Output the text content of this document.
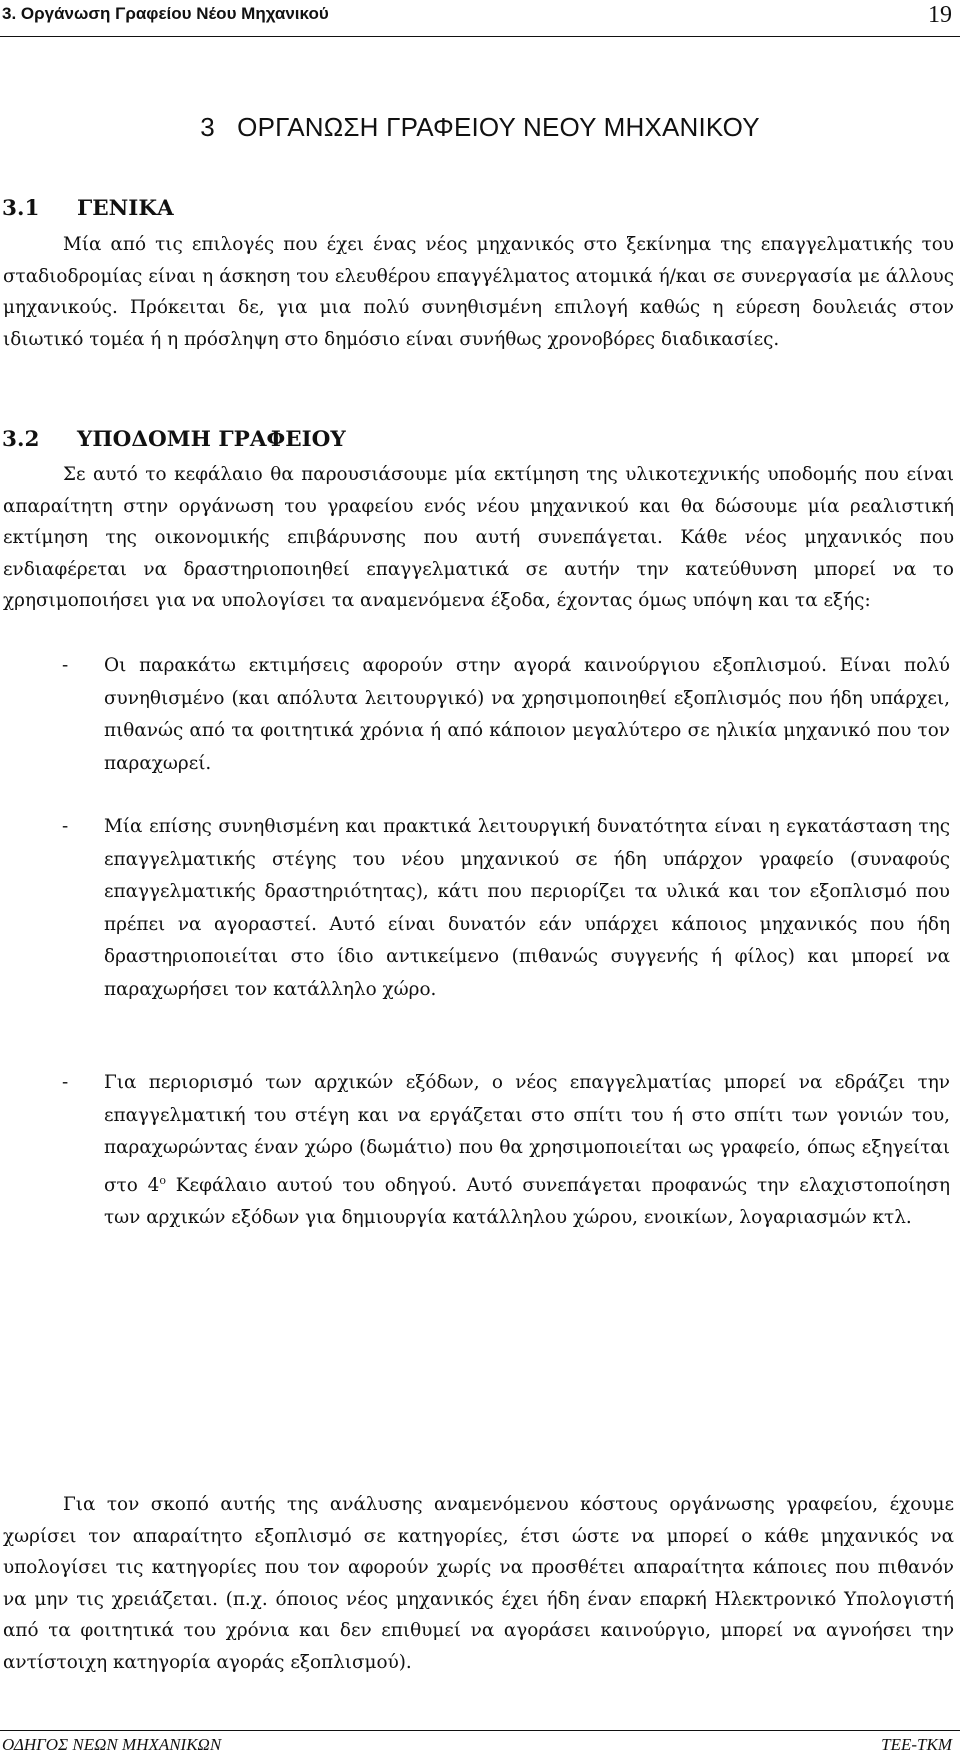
3. Οργάνωση Γραφείου Νέου Μηχανικού	19
3   ΟΡΓΑΝΩΣΗ ΓΡΑΦΕΙΟΥ ΝΕΟΥ ΜΗΧΑΝΙΚΟΥ
3.1 ΓΕΝΙΚΑ

Μία από τις επιλογές που έχει ένας νέος μηχανικός στο ξεκίνημα της επαγγελματικής του σταδιοδρομίας είναι η άσκηση του ελευθέρου επαγγέλματος ατομικά ή/και σε συνεργασία με άλλους μηχανικούς. Πρόκειται δε, για μια πολύ συνηθισμένη επιλογή καθώς η εύρεση δουλειάς στον ιδιωτικό τομέα ή η πρόσληψη στο δημόσιο είναι συνήθως χρονοβόρες διαδικασίες.

3.2 ΥΠΟΔΟΜΗ ΓΡΑΦΕΙΟΥ

Σε αυτό το κεφάλαιο θα παρουσιάσουμε μία εκτίμηση της υλικοτεχνικής υποδομής που είναι απαραίτητη στην οργάνωση του γραφείου ενός νέου μηχανικού και θα δώσουμε μία ρεαλιστική εκτίμηση της οικονομικής επιβάρυνσης που αυτή συνεπάγεται. Κάθε νέος μηχανικός που ενδιαφέρεται να δραστηριοποιηθεί επαγγελματικά σε αυτήν την κατεύθυνση μπορεί να το χρησιμοποιήσει για να υπολογίσει τα αναμενόμενα έξοδα, έχοντας όμως υπόψη και τα εξής:

- Οι παρακάτω εκτιμήσεις αφορούν στην αγορά καινούργιου εξοπλισμού. Είναι πολύ συνηθισμένο (και απόλυτα λειτουργικό) να χρησιμοποιηθεί εξοπλισμός που ήδη υπάρχει, πιθανώς από τα φοιτητικά χρόνια ή από κάποιον μεγαλύτερο σε ηλικία μηχανικό που τον παραχωρεί.
- Μία επίσης συνηθισμένη και πρακτικά λειτουργική δυνατότητα είναι η εγκατάσταση της επαγγελματικής στέγης του νέου μηχανικού σε ήδη υπάρχον γραφείο (συναφούς επαγγελματικής δραστηριότητας), κάτι που περιορίζει τα υλικά και τον εξοπλισμό που πρέπει να αγοραστεί. Αυτό είναι δυνατόν εάν υπάρχει κάποιος μηχανικός που ήδη δραστηριοποιείται στο ίδιο αντικείμενο (πιθανώς συγγενής ή φίλος) και μπορεί να παραχωρήσει τον κατάλληλο χώρο.
- Για περιορισμό των αρχικών εξόδων, ο νέος επαγγελματίας μπορεί να εδράζει την επαγγελματική του στέγη και να εργάζεται στο σπίτι του ή στο σπίτι των γονιών του, παραχωρώντας έναν χώρο (δωμάτιο) που θα χρησιμοποιείται ως γραφείο, όπως εξηγείται στο $4^o$ Κεφάλαιο αυτού του οδηγού. Αυτό συνεπάγεται προφανώς την ελαχιστοποίηση των αρχικών εξόδων για δημιουργία κατάλληλου χώρου, ενοικίων, λογαριασμών κτλ.

Για τον σκοπό αυτής της ανάλυσης αναμενόμενου κόστους οργάνωσης γραφείου, έχουμε χωρίσει τον απαραίτητο εξοπλισμό σε κατηγορίες, έτσι ώστε να μπορεί ο κάθε μηχανικός να υπολογίσει τις κατηγορίες που τον αφορούν χωρίς να προσθέτει απαραίτητα κάποιες που πιθανόν να μην τις χρειάζεται. (π.χ. όποιος νέος μηχανικός έχει ήδη έναν επαρκή Ηλεκτρονικό Υπολογιστή από τα φοιτητικά του χρόνια και δεν επιθυμεί να αγοράσει καινούργιο, μπορεί να αγνοήσει την αντίστοιχη κατηγορία αγοράς εξοπλισμού).

ΟΔΗΓΟΣ ΝΕΩΝ ΜΗΧΑΝΙΚΩΝ	ΤΕΕ-ΤΚΜ
